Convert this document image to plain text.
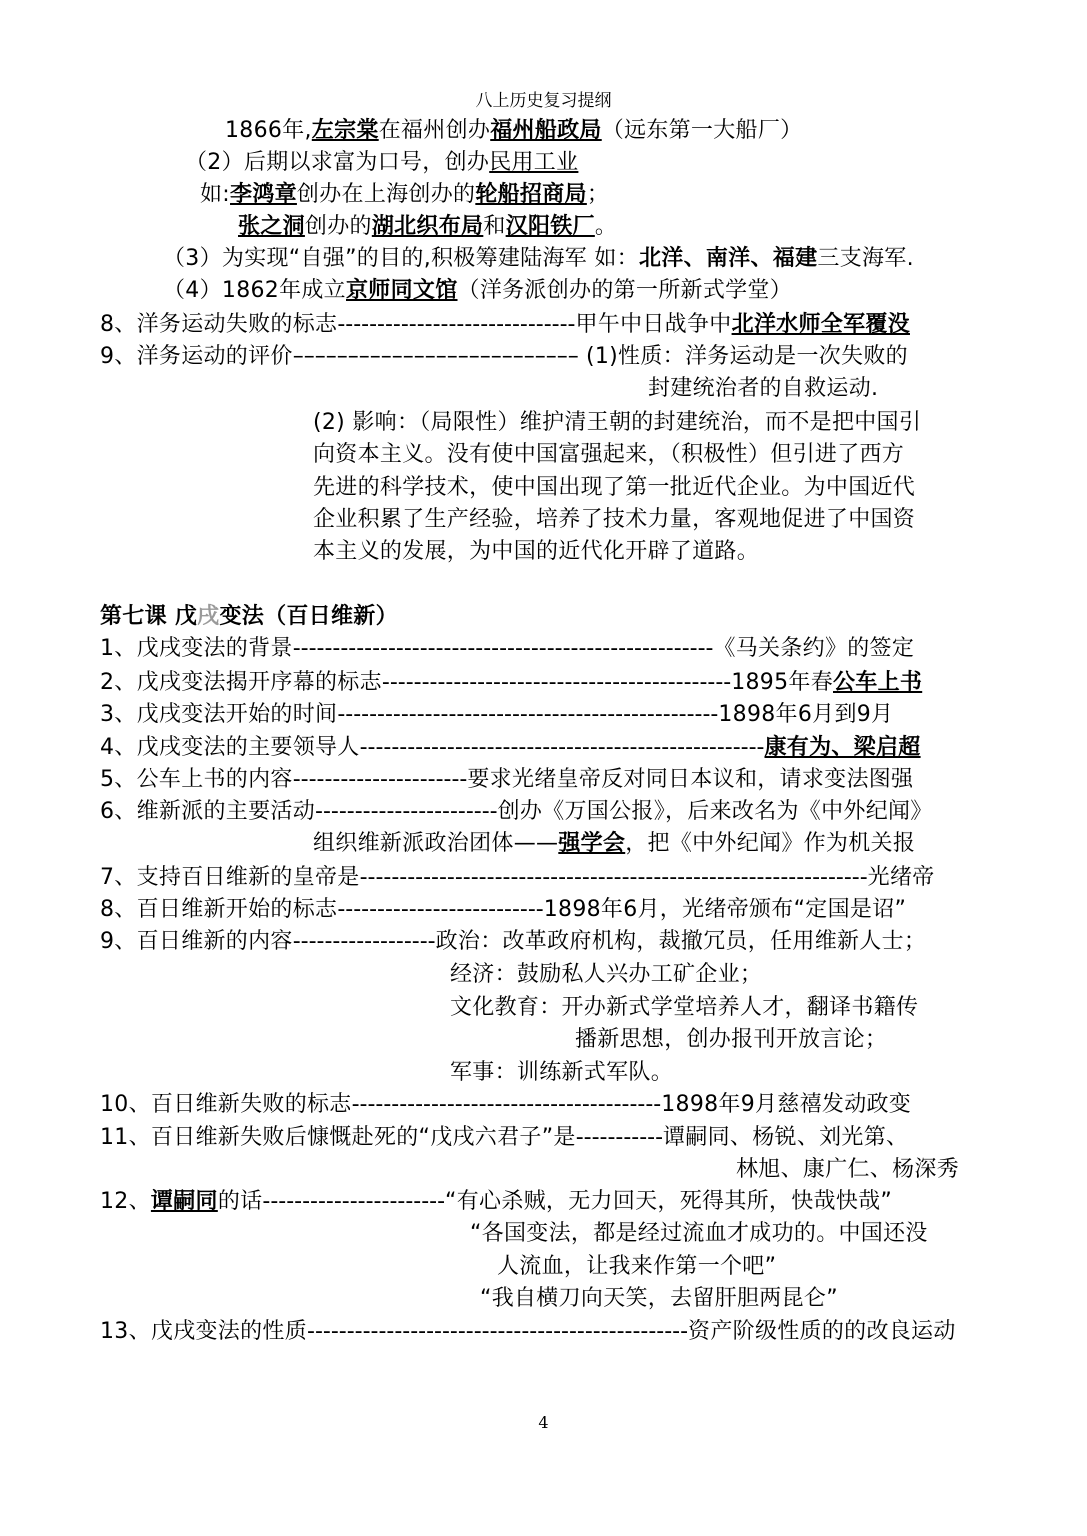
八上历史复习提纲
1866年,左宗棠在福州创办福州船政局（远东第一大船厂）
（2）后期以求富为口号，创办民用工业
如:李鸿章创办在上海创办的轮船招商局；
张之洞创办的湖北织布局和汉阳铁厂。
（3）为实现“自强”的目的,积极筹建陆海军 如：北洋、南洋、福建三支海军.
（4）1862年成立京师同文馆（洋务派创办的第一所新式学堂）
8、洋务运动失败的标志------------------------------甲午中日战争中北洋水师全军覆没
9、洋务运动的评价–––––––––––––––––––––––––– (1)性质：洋务运动是一次失败的
封建统治者的自救运动.
(2) 影响：（局限性）维护清王朝的封建统治，而不是把中国引
向资本主义。没有使中国富强起来，（积极性）但引进了西方
先进的科学技术，使中国出现了第一批近代企业。为中国近代
企业积累了生产经验，培养了技术力量，客观地促进了中国资
本主义的发展，为中国的近代化开辟了道路。
第七课 戊戌变法（百日维新）
1、戊戌变法的背景-----------------------------------------------------《马关条约》的签定
2、戊戌变法揭开序幕的标志--------------------------------------------1895年春公车上书
3、戊戌变法开始的时间------------------------------------------------1898年6月到9月
4、戊戌变法的主要领导人---------------------------------------------------康有为、梁启超
5、公车上书的内容----------------------要求光绪皇帝反对同日本议和，请求变法图强
6、维新派的主要活动-----------------------创办《万国公报》，后来改名为《中外纪闻》
组织维新派政治团体——强学会，把《中外纪闻》作为机关报
7、支持百日维新的皇帝是----------------------------------------------------------------光绪帝
8、百日维新开始的标志--------------------------1898年6月，光绪帝颁布“定国是诏”
9、百日维新的内容------------------政治：改革政府机构，裁撤冗员，任用维新人士；
经济：鼓励私人兴办工矿企业；
文化教育：开办新式学堂培养人才，翻译书籍传
播新思想，创办报刊开放言论；
军事：训练新式军队。
10、百日维新失败的标志---------------------------------------1898年9月慈禧发动政变
11、百日维新失败后慷慨赴死的“戊戌六君子”是-----------谭嗣同、杨锐、刘光第、
林旭、康广仁、杨深秀
12、谭嗣同的话-----------------------“有心杀贼，无力回天，死得其所，快哉快哉”
“各国变法，都是经过流血才成功的。中国还没
人流血，让我来作第一个吧”
“我自横刀向天笑，去留肝胆两昆仑”
13、戊戌变法的性质------------------------------------------------资产阶级性质的的改良运动
4
